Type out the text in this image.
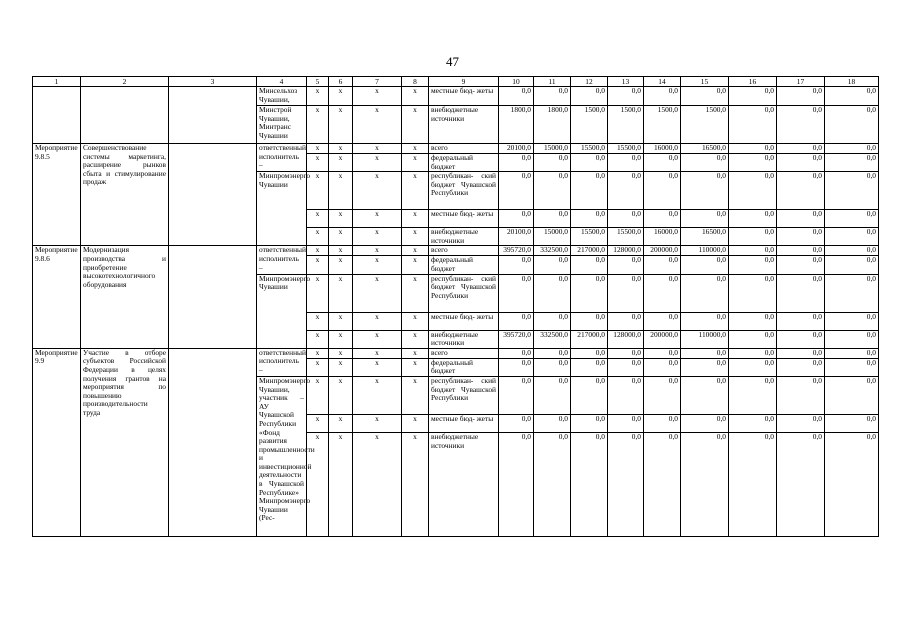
47
1	2	3	4	5	6	7	8	9	10	11	12	13	14	15	16	17	18
			Минсельхоз Чувашии,	x	x	x	x	местные бюд- жеты	0,0	0,0	0,0	0,0	0,0	0,0	0,0	0,0	0,0
			Минстрой Чувашии, Минтранс Чувашии	x	x	x	x	внебюджетные источники	1800,0	1800,0	1500,0	1500,0	1500,0	1500,0	0,0	0,0	0,0
Мероприятие 9.8.5	Совершенствование системы маркетинга, расширение рынков сбыта и стимулирование продаж		ответственный исполнитель –	x	x	x	x	всего	20100,0	15000,0	15500,0	15500,0	16000,0	16500,0	0,0	0,0	0,0
				x	x	x	x	федеральный бюджет	0,0	0,0	0,0	0,0	0,0	0,0	0,0	0,0	0,0
			Минпромэнерго Чувашии	x	x	x	x	республикан- ский бюджет Чувашской Республики	0,0	0,0	0,0	0,0	0,0	0,0	0,0	0,0	0,0
				x	x	x	x	местные бюд- жеты	0,0	0,0	0,0	0,0	0,0	0,0	0,0	0,0	0,0
				x	x	x	x	внебюджетные источники	20100,0	15000,0	15500,0	15500,0	16000,0	16500,0	0,0	0,0	0,0
Мероприятие 9.8.6	Модернизация производства и приобретение высокотехнологичного оборудования		ответственный исполнитель –	x	x	x	x	всего	395720,0	332500,0	217000,0	128000,0	200000,0	110000,0	0,0	0,0	0,0
				x	x	x	x	федеральный бюджет	0,0	0,0	0,0	0,0	0,0	0,0	0,0	0,0	0,0
			Минпромэнерго Чувашии	x	x	x	x	республикан- ский бюджет Чувашской Республики	0,0	0,0	0,0	0,0	0,0	0,0	0,0	0,0	0,0
				x	x	x	x	местные бюд- жеты	0,0	0,0	0,0	0,0	0,0	0,0	0,0	0,0	0,0
				x	x	x	x	внебюджетные источники	395720,0	332500,0	217000,0	128000,0	200000,0	110000,0	0,0	0,0	0,0
Мероприятие 9.9	Участие в отборе субъектов Российской Федерации в целях получения грантов на мероприятия по повышению производительности труда		ответственный исполнитель –	x	x	x	x	всего	0,0	0,0	0,0	0,0	0,0	0,0	0,0	0,0	0,0
				x	x	x	x	федеральный бюджет	0,0	0,0	0,0	0,0	0,0	0,0	0,0	0,0	0,0
			Минпромэнерго Чувашии, участник – АУ Чувашской Республики «Фонд развития промышленности и инвестиционной деятельности в Чувашской Республике» Минпромэнерго Чувашии (Рес-	x	x	x	x	республикан- ский бюджет Чувашской Республики	0,0	0,0	0,0	0,0	0,0	0,0	0,0	0,0	0,0
				x	x	x	x	местные бюд- жеты	0,0	0,0	0,0	0,0	0,0	0,0	0,0	0,0	0,0
				x	x	x	x	внебюджетные источники	0,0	0,0	0,0	0,0	0,0	0,0	0,0	0,0	0,0
